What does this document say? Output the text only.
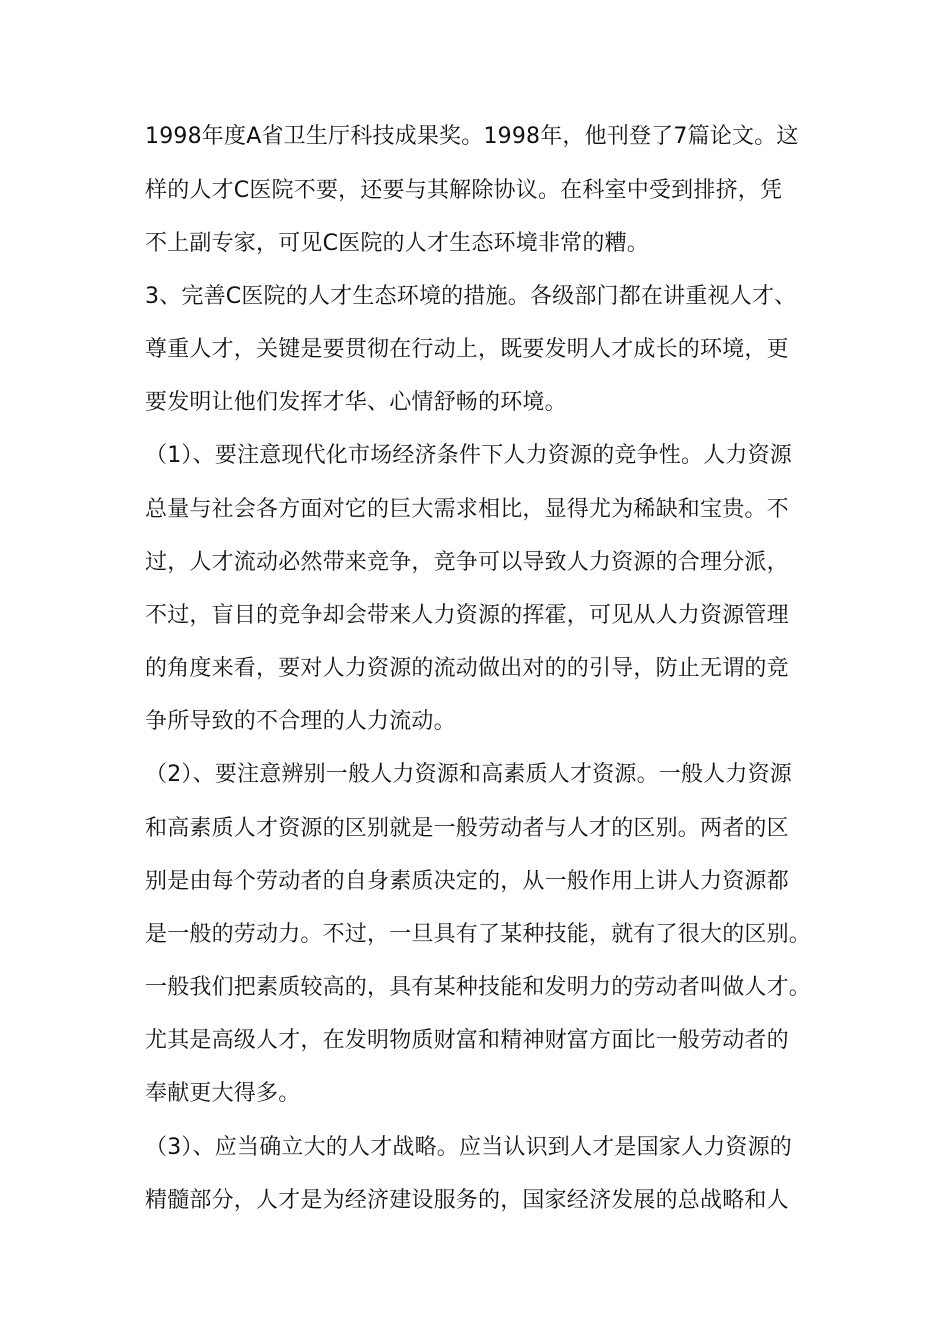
1998年度A省卫生厅科技成果奖。1998年，他刊登了7篇论文。这
样的人才C医院不要，还要与其解除协议。在科室中受到排挤，凭
不上副专家，可见C医院的人才生态环境非常的糟。
3、完善C医院的人才生态环境的措施。各级部门都在讲重视人才、
尊重人才，关键是要贯彻在行动上，既要发明人才成长的环境，更
要发明让他们发挥才华、心情舒畅的环境。
（1）、要注意现代化市场经济条件下人力资源的竞争性。人力资源
总量与社会各方面对它的巨大需求相比，显得尤为稀缺和宝贵。不
过，人才流动必然带来竞争，竞争可以导致人力资源的合理分派，
不过，盲目的竞争却会带来人力资源的挥霍，可见从人力资源管理
的角度来看，要对人力资源的流动做出对的的引导，防止无谓的竞
争所导致的不合理的人力流动。
（2）、要注意辨别一般人力资源和高素质人才资源。一般人力资源
和高素质人才资源的区别就是一般劳动者与人才的区别。两者的区
别是由每个劳动者的自身素质决定的，从一般作用上讲人力资源都
是一般的劳动力。不过，一旦具有了某种技能，就有了很大的区别。
一般我们把素质较高的，具有某种技能和发明力的劳动者叫做人才。
尤其是高级人才，在发明物质财富和精神财富方面比一般劳动者的
奉献更大得多。
（3）、应当确立大的人才战略。应当认识到人才是国家人力资源的
精髓部分，人才是为经济建设服务的，国家经济发展的总战略和人
